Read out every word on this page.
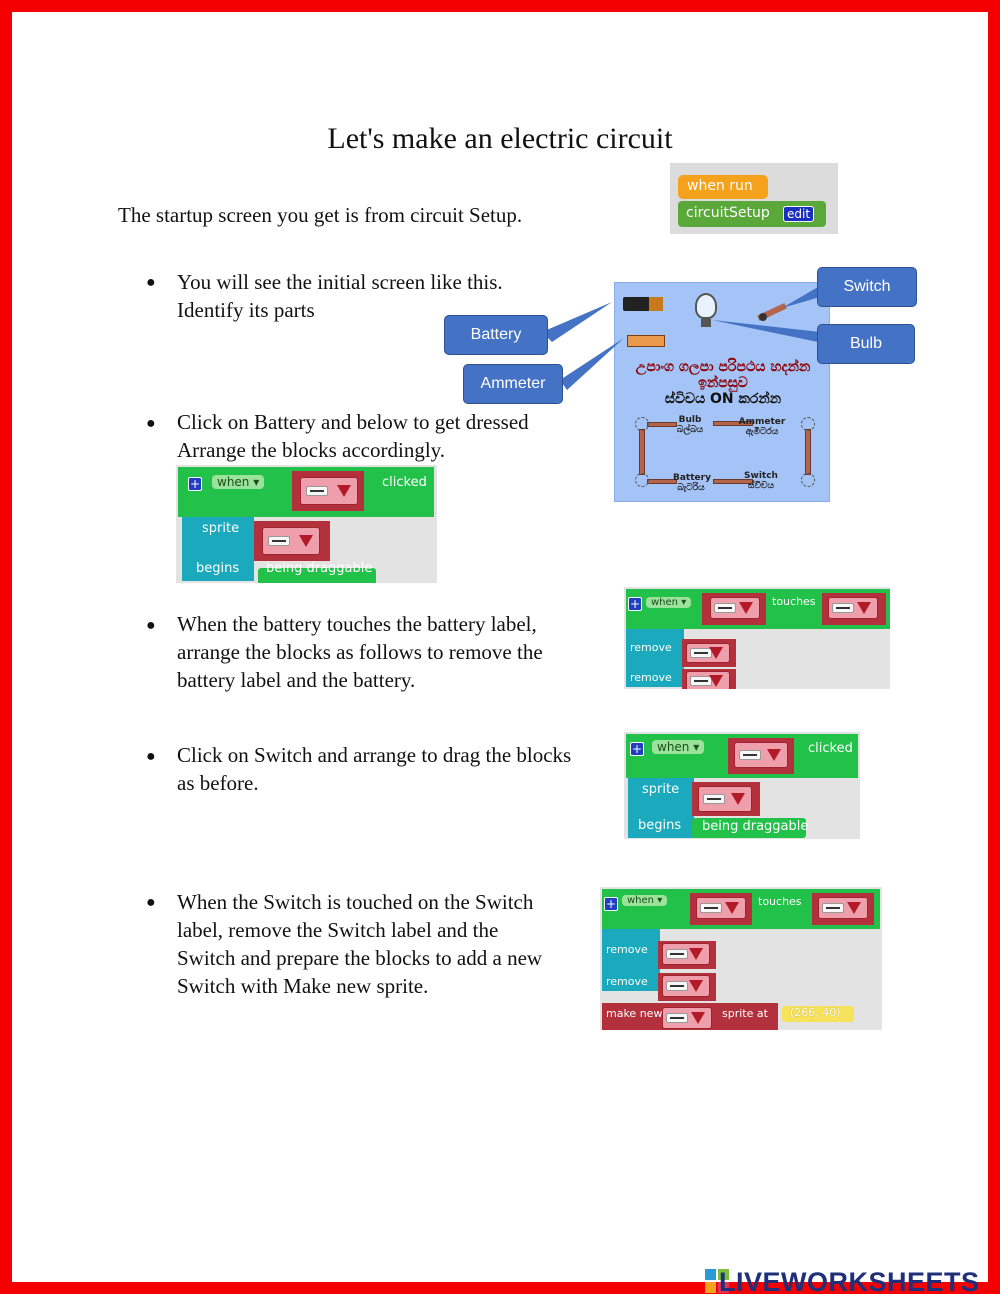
Let's make an electric circuit
The startup screen you get is from circuit Setup.
when run
circuitSetup	edit
● You will see the initial screen like this.
Identify its parts
උපාංග ගලපා පරිපථය හදන්න
ඉන්පසුව
ස්විචය ON කරන්න
Bulb
බල්බය
Ammeter
ඇමීටරය
Battery
බැටරිය
Switch
ස්විචය
Battery
Ammeter
Switch
Bulb
● Click on Battery and below to get dressed
Arrange the blocks accordingly.
+	when ▾	clicked
sprite
begins being draggable
● When the battery touches the battery label,
arrange the blocks as follows to remove the
battery label and the battery.
+	when ▾	touches
remove
remove
● Click on Switch and arrange to drag the blocks
as before.
+	when ▾	clicked
sprite
begins being draggable
● When the Switch is touched on the Switch
label, remove the Switch label and the
Switch and prepare the blocks to add a new
Switch with Make new sprite.
+	when ▾	touches
remove
remove
make new	sprite at (266, 40)
LIVEWORKSHEETS
